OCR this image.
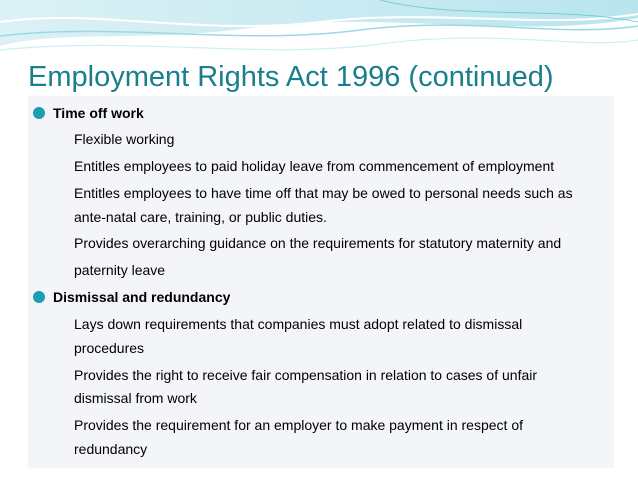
Employment Rights Act 1996 (continued)
Time off work
Flexible working
Entitles employees to paid holiday leave from commencement of employment
Entitles employees to have time off that may be owed to personal needs such as
ante-natal care, training, or public duties.
Provides overarching guidance on the requirements for statutory maternity and
paternity leave
Dismissal and redundancy
Lays down requirements that companies must adopt related to dismissal
procedures
Provides the right to receive fair compensation in relation to cases of unfair
dismissal from work
Provides the requirement for an employer to make payment in respect of
redundancy
